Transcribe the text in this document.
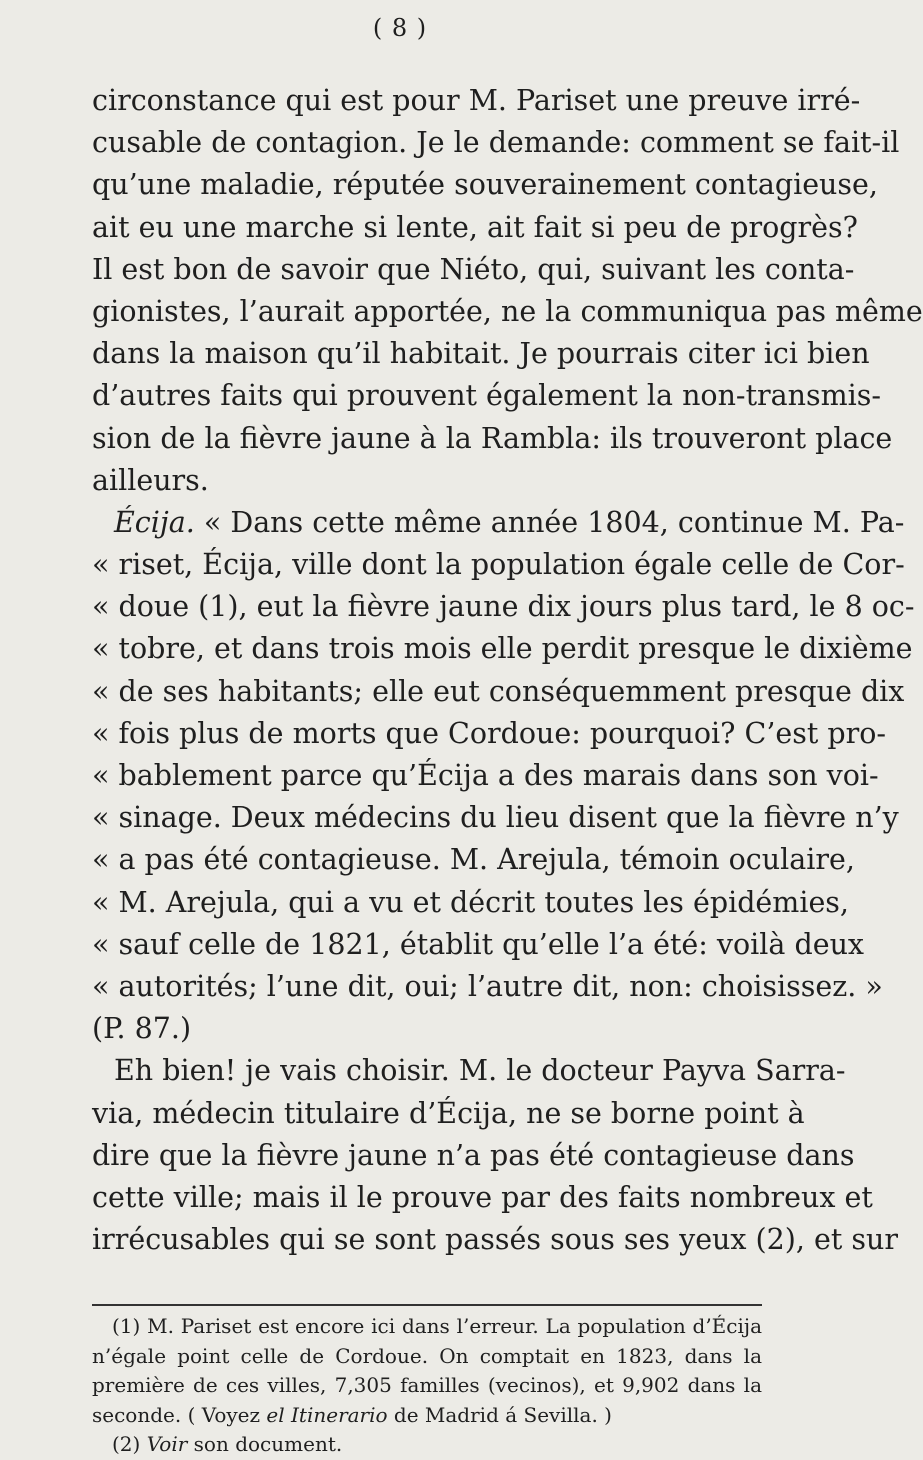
( 8 )
circonstance qui est pour M. Pariset une preuve irré-
cusable de contagion. Je le demande: comment se fait-il
qu’une maladie, réputée souverainement contagieuse,
ait eu une marche si lente, ait fait si peu de progrès?
Il est bon de savoir que Niéto, qui, suivant les conta-
gionistes, l’aurait apportée, ne la communiqua pas même
dans la maison qu’il habitait. Je pourrais citer ici bien
d’autres faits qui prouvent également la non-transmis-
sion de la fièvre jaune à la Rambla: ils trouveront place
ailleurs.
Écija. « Dans cette même année 1804, continue M. Pa-
« riset, Écija, ville dont la population égale celle de Cor-
« doue (1), eut la fièvre jaune dix jours plus tard, le 8 oc-
« tobre, et dans trois mois elle perdit presque le dixième
« de ses habitants; elle eut conséquemment presque dix
« fois plus de morts que Cordoue: pourquoi? C’est pro-
« bablement parce qu’Écija a des marais dans son voi-
« sinage. Deux médecins du lieu disent que la fièvre n’y
« a pas été contagieuse. M. Arejula, témoin oculaire,
« M. Arejula, qui a vu et décrit toutes les épidémies,
« sauf celle de 1821, établit qu’elle l’a été: voilà deux
« autorités; l’une dit, oui; l’autre dit, non: choisissez. »
(P. 87.)
Eh bien! je vais choisir. M. le docteur Payva Sarra-
via, médecin titulaire d’Écija, ne se borne point à
dire que la fièvre jaune n’a pas été contagieuse dans
cette ville; mais il le prouve par des faits nombreux et
irrécusables qui se sont passés sous ses yeux (2), et sur
(1) M. Pariset est encore ici dans l’erreur. La population d’Écija
n’égale point celle de Cordoue. On comptait en 1823, dans la
première de ces villes, 7,305 familles (vecinos), et 9,902 dans la
seconde. ( Voyez el Itinerario de Madrid á Sevilla. )
(2) Voir son document.
